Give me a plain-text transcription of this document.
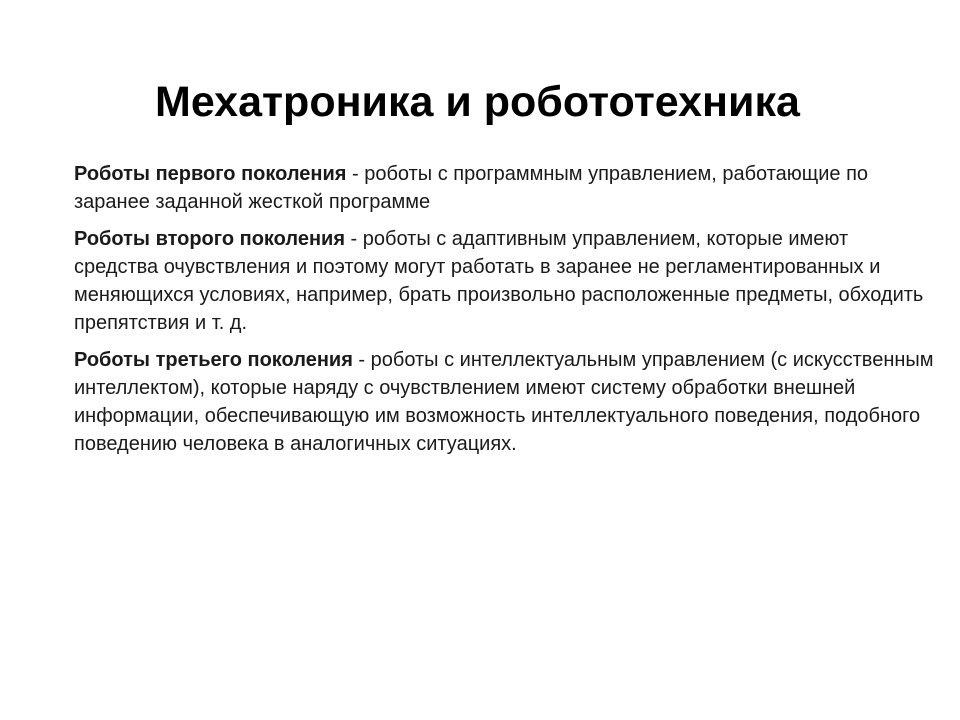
Мехатроника и робототехника

Роботы первого поколения - роботы с программным управлением, работающие по заранее заданной жесткой программе

Роботы второго поколения - роботы с адаптивным управлением, которые имеют средства очувствления и поэтому могут работать в заранее не регламентированных и меняющихся условиях, например, брать произвольно расположенные предметы, обходить препятствия и т. д.

Роботы третьего поколения - роботы с интеллектуальным управлением (с искусственным интеллектом), которые наряду с очувствлением имеют систему обработки внешней информации, обеспечивающую им возможность интеллектуального поведения, подобного поведению человека в аналогичных ситуациях.
